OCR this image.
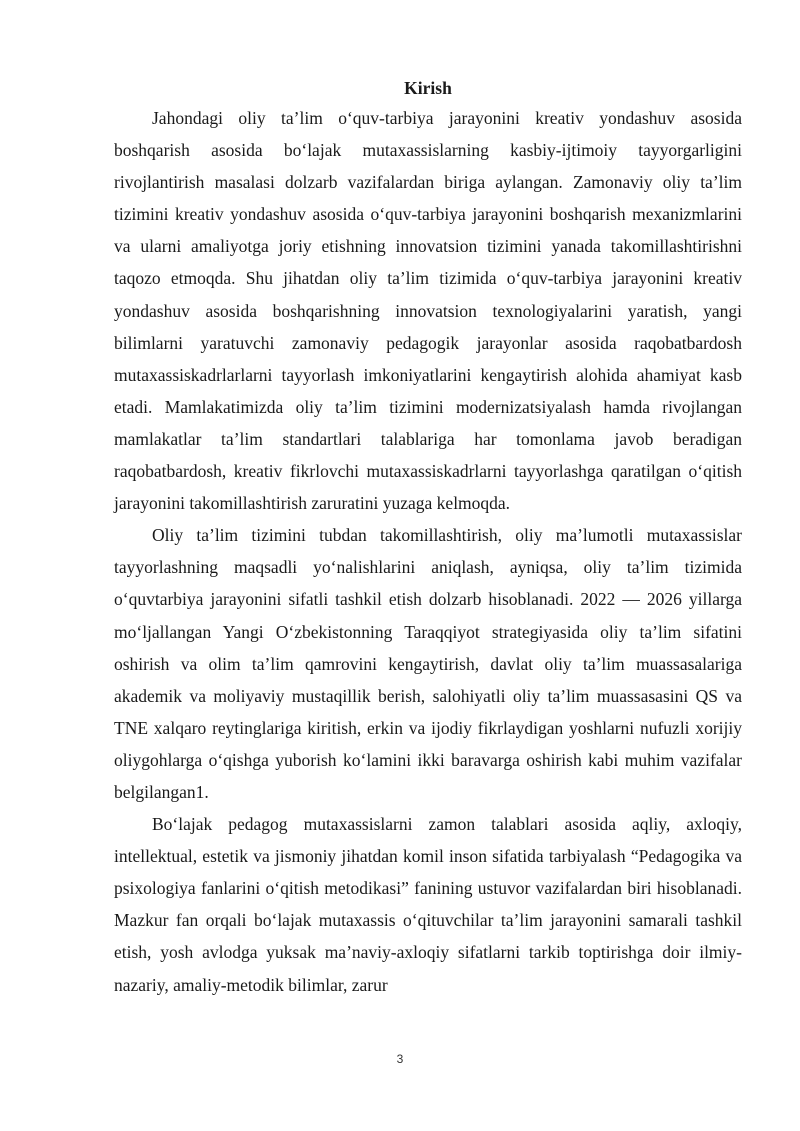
Kirish

Jahondagi oliy ta’lim o‘quv-tarbiya jarayonini kreativ yondashuv asosida boshqarish asosida bo‘lajak mutaxassislarning kasbiy-ijtimoiy tayyorgarligini rivojlantirish masalasi dolzarb vazifalardan biriga aylangan. Zamonaviy oliy ta’lim tizimini kreativ yondashuv asosida o‘quv-tarbiya jarayonini boshqarish mexanizmlarini va ularni amaliyotga joriy etishning innovatsion tizimini yanada takomillashtirishni taqozo etmoqda. Shu jihatdan oliy ta’lim tizimida o‘quv-tarbiya jarayonini kreativ yondashuv asosida boshqarishning innovatsion texnologiyalarini yaratish, yangi bilimlarni yaratuvchi zamonaviy pedagogik jarayonlar asosida raqobatbardosh mutaxassiskadrlarlarni tayyorlash imkoniyatlarini kengaytirish alohida ahamiyat kasb etadi. Mamlakatimizda oliy ta’lim tizimini modernizatsiyalash hamda rivojlangan mamlakatlar ta’lim standartlari talablariga har tomonlama javob beradigan raqobatbardosh, kreativ fikrlovchi mutaxassiskadrlarni tayyorlashga qaratilgan o‘qitish jarayonini takomillashtirish zaruratini yuzaga kelmoqda.

Oliy ta’lim tizimini tubdan takomillashtirish, oliy ma’lumotli mutaxassislar tayyorlashning maqsadli yo‘nalishlarini aniqlash, ayniqsa, oliy ta’lim tizimida o‘quvtarbiya jarayonini sifatli tashkil etish dolzarb hisoblanadi. 2022 — 2026 yillarga mo‘ljallangan Yangi O‘zbekistonning Taraqqiyot strategiyasida oliy ta’lim sifatini oshirish va olim ta’lim qamrovini kengaytirish, davlat oliy ta’lim muassasalariga akademik va moliyaviy mustaqillik berish, salohiyatli oliy ta’lim muassasasini QS va TNE xalqaro reytinglariga kiritish, erkin va ijodiy fikrlaydigan yoshlarni nufuzli xorijiy oliygohlarga o‘qishga yuborish ko‘lamini ikki baravarga oshirish kabi muhim vazifalar belgilangan1.

Bo‘lajak pedagog mutaxassislarni zamon talablari asosida aqliy, axloqiy, intellektual, estetik va jismoniy jihatdan komil inson sifatida tarbiyalash “Pedagogika va psixologiya fanlarini o‘qitish metodikasi” fanining ustuvor vazifalardan biri hisoblanadi. Mazkur fan orqali bo‘lajak mutaxassis o‘qituvchilar ta’lim jarayonini samarali tashkil etish, yosh avlodga yuksak ma’naviy-axloqiy sifatlarni tarkib toptirishga doir ilmiy-nazariy, amaliy-metodik bilimlar, zarur

3
